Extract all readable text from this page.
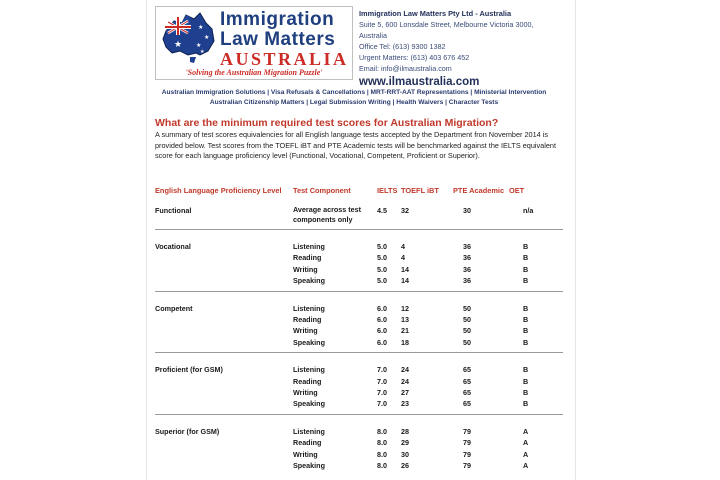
★
★
★
★
★
Immigration
Law Matters
AUSTRALIA
'Solving the Australian Migration Puzzle'
Immigration Law Matters Pty Ltd - Australia
Suite 5, 600 Lonsdale Street, Melbourne Victoria 3000, Australia
Office Tel: (613) 9300 1382
Urgent Matters: (613) 403 676 452
Email: info@ilmaustralia.com
www.ilmaustralia.com
Australian Immigration Solutions | Visa Refusals & Cancellations | MRT-RRT-AAT Representations | Ministerial Intervention
Australian Citizenship Matters | Legal Submission Writing | Health Waivers | Character Tests
What are the minimum required test scores for Australian Migration?
A summary of test scores equivalencies for all English language tests accepted by the Department fron November 2014 is provided below. Test scores from the TOEFL iBT and PTE Academic tests will be benchmarked against the IELTS equivalent score for each language proficiency level (Functional, Vocational, Competent, Proficient or Superior).
English Language Proficiency Level	Test Component	IELTS	TOEFL iBT	PTE Academic	OET
Functional	Average across test components only	4.5	32	30	n/a

Vocational	Listening	5.0	4	36	B
	Reading	5.0	4	36	B
	Writing	5.0	14	36	B
	Speaking	5.0	14	36	B

Competent	Listening	6.0	12	50	B
	Reading	6.0	13	50	B
	Writing	6.0	21	50	B
	Speaking	6.0	18	50	B

Proficient (for GSM)	Listening	7.0	24	65	B
	Reading	7.0	24	65	B
	Writing	7.0	27	65	B
	Speaking	7.0	23	65	B

Superior (for GSM)	Listening	8.0	28	79	A
	Reading	8.0	29	79	A
	Writing	8.0	30	79	A
	Speaking	8.0	26	79	A
